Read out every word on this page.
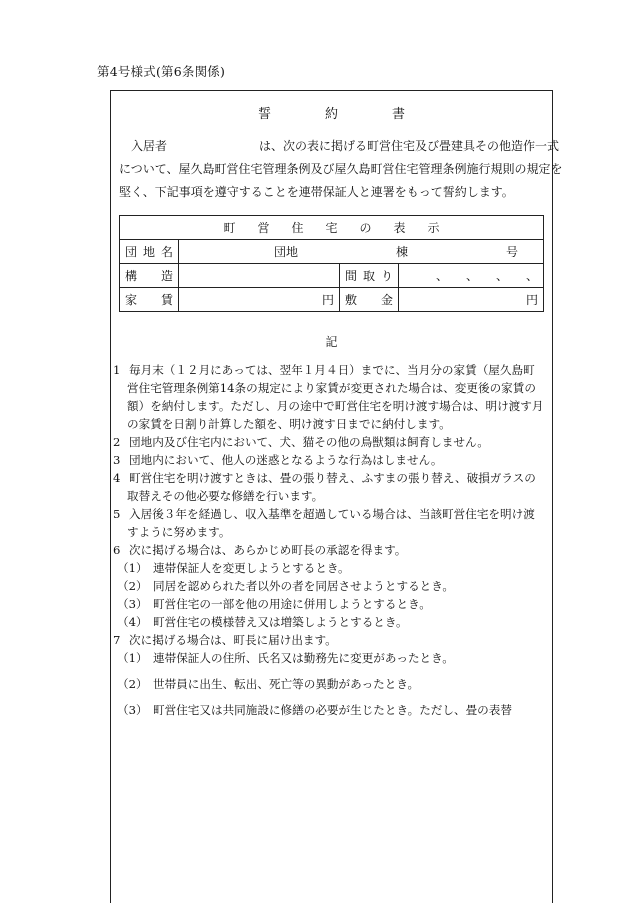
第4号様式(第6条関係)
誓約書
入居者	は、次の表に掲げる町営住宅及び畳建具その他造作一式
について、屋久島町営住宅管理条例及び屋久島町営住宅管理条例施行規則の規定を
堅く、下記事項を遵守することを連帯保証人と連署をもって誓約します。
町営住宅の表示			
団地名	団地 棟 号		

構造		間取り	、　　、　　、　　、
家賃	円	敷金	円
記
1 毎月末（１２月にあっては、翌年１月４日）までに、当月分の家賃（屋久島町
営住宅管理条例第14条の規定により家賃が変更された場合は、変更後の家賃の
額）を納付します。ただし、月の途中で町営住宅を明け渡す場合は、明け渡す月
の家賃を日割り計算した額を、明け渡す日までに納付します。
2 団地内及び住宅内において、犬、猫その他の鳥獣類は飼育しません。
3 団地内において、他人の迷惑となるような行為はしません。
4 町営住宅を明け渡すときは、畳の張り替え、ふすまの張り替え、破損ガラスの
取替えその他必要な修繕を行います。
5 入居後３年を経過し、収入基準を超過している場合は、当該町営住宅を明け渡
すように努めます。
6 次に掲げる場合は、あらかじめ町長の承認を得ます。
（1） 連帯保証人を変更しようとするとき。
（2） 同居を認められた者以外の者を同居させようとするとき。
（3） 町営住宅の一部を他の用途に併用しようとするとき。
（4） 町営住宅の模様替え又は増築しようとするとき。
7 次に掲げる場合は、町長に届け出ます。
（1） 連帯保証人の住所、氏名又は勤務先に変更があったとき。
（2） 世帯員に出生、転出、死亡等の異動があったとき。
（3） 町営住宅又は共同施設に修繕の必要が生じたとき。ただし、畳の表替
